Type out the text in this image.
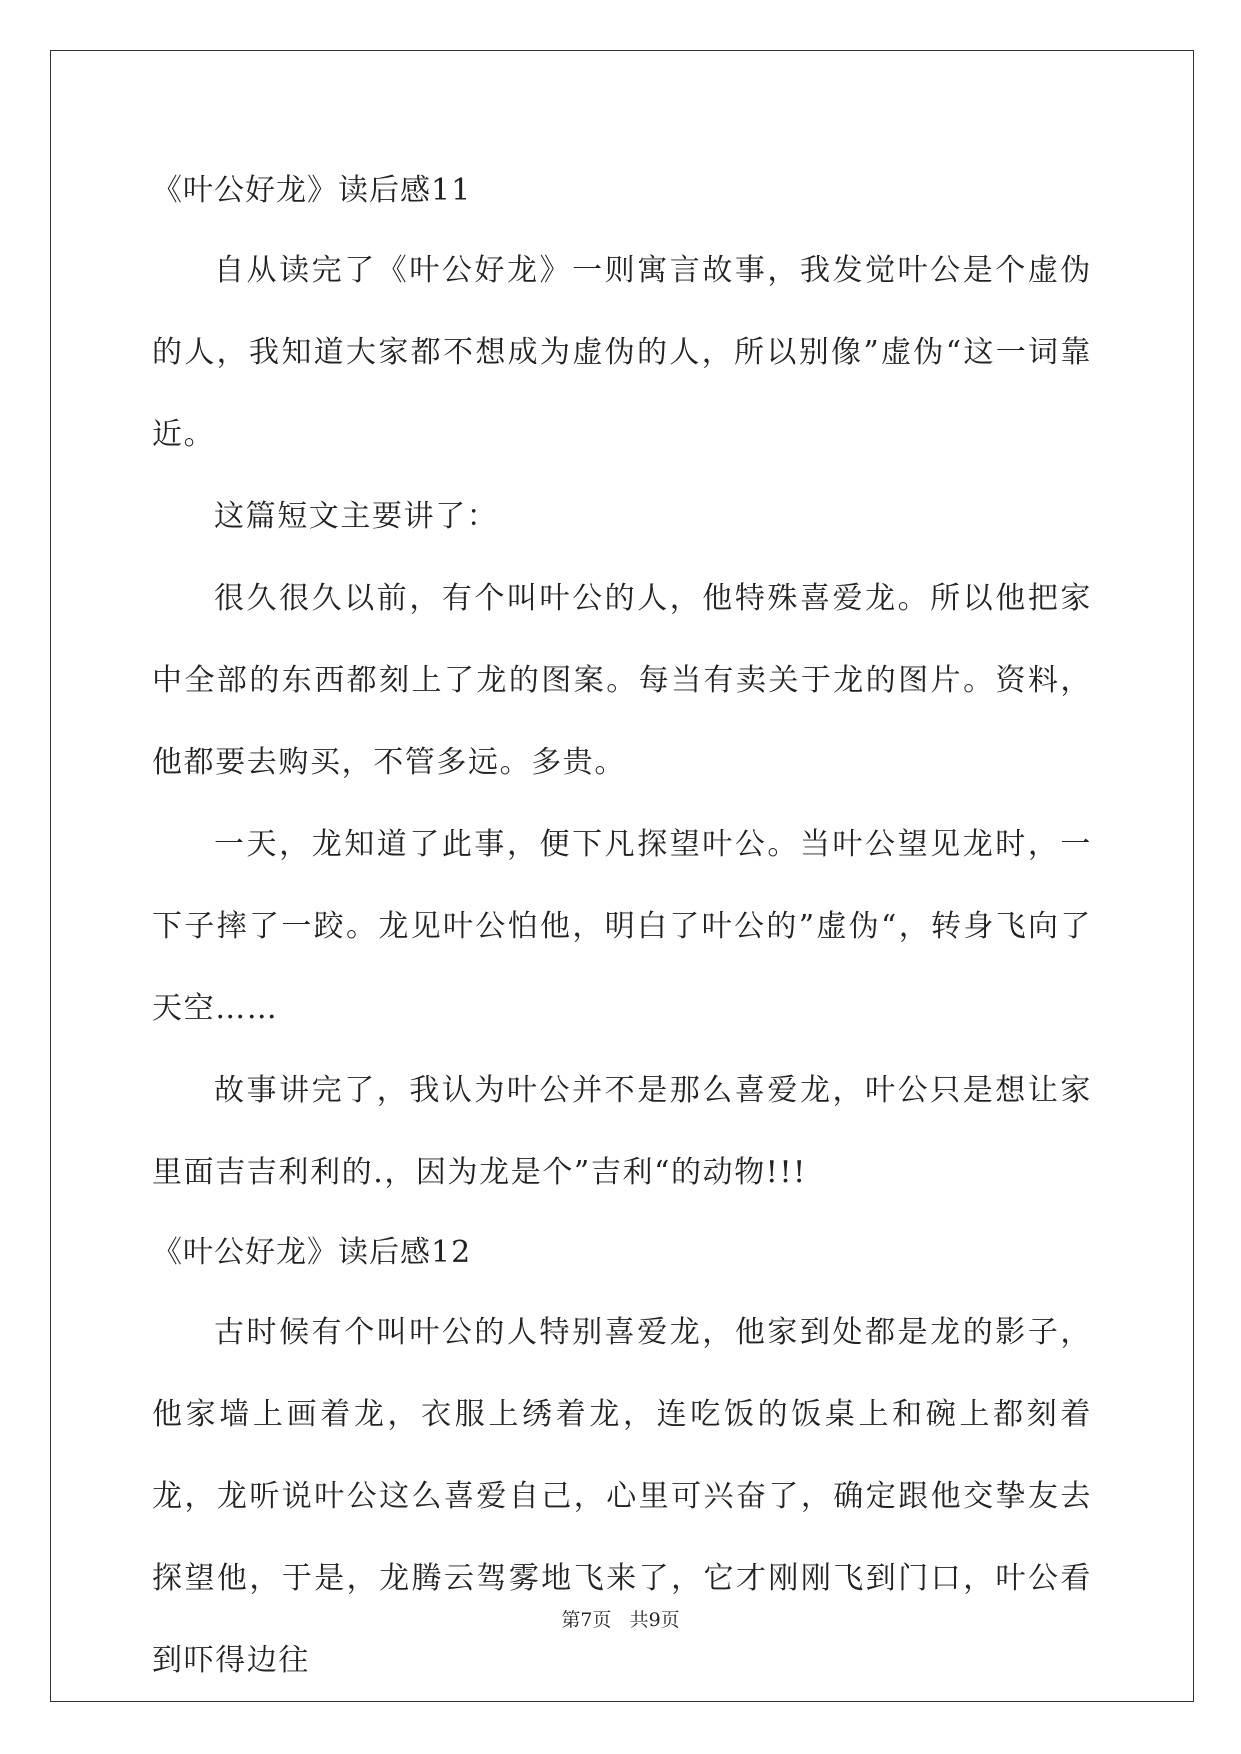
《叶公好龙》读后感11

自从读完了《叶公好龙》一则寓言故事，我发觉叶公是个虚伪的人，我知道大家都不想成为虚伪的人，所以别像”虚伪“这一词靠近。

这篇短文主要讲了：

很久很久以前，有个叫叶公的人，他特殊喜爱龙。所以他把家中全部的东西都刻上了龙的图案。每当有卖关于龙的图片。资料，他都要去购买，不管多远。多贵。

一天，龙知道了此事，便下凡探望叶公。当叶公望见龙时，一下子摔了一跤。龙见叶公怕他，明白了叶公的”虚伪“，转身飞向了天空……

故事讲完了，我认为叶公并不是那么喜爱龙，叶公只是想让家里面吉吉利利的.，因为龙是个”吉利“的动物!!!

《叶公好龙》读后感12

古时候有个叫叶公的人特别喜爱龙，他家到处都是龙的影子，他家墙上画着龙，衣服上绣着龙，连吃饭的饭桌上和碗上都刻着龙，龙听说叶公这么喜爱自己，心里可兴奋了，确定跟他交挚友去探望他，于是，龙腾云驾雾地飞来了，它才刚刚飞到门口，叶公看到吓得边往

第7页 共9页
